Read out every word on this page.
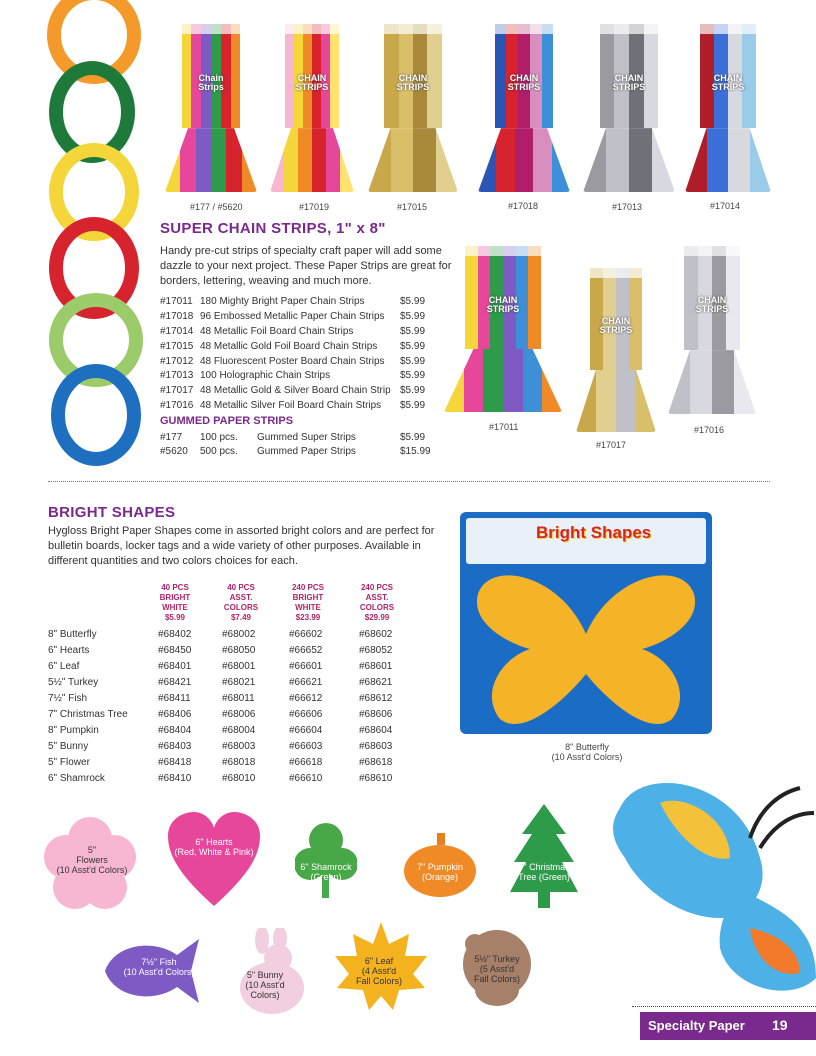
Chain
Strips
#177 / #5620
CHAIN
STRIPS
#17019
CHAIN
STRIPS
#17015
CHAIN
STRIPS
#17018
CHAIN
STRIPS
#17013
CHAIN
STRIPS
#17014
SUPER CHAIN STRIPS, 1" x 8"
Handy pre-cut strips of specialty craft paper will add some dazzle to your next project. These Paper Strips are great for borders, lettering, weaving and much more.
#17011 180 Mighty Bright Paper Chain Strips	$5.99
#17018 96 Embossed Metallic Paper Chain Strips $5.99
#17014 48 Metallic Foil Board Chain Strips	$5.99
#17015 48 Metallic Gold Foil Board Chain Strips $5.99
#17012 48 Fluorescent Poster Board Chain Strips $5.99
#17013 100 Holographic Chain Strips	$5.99
#17017 48 Metallic Gold & Silver Board Chain Strip $5.99
#17016 48 Metallic Silver Foil Board Chain Strips $5.99
GUMMED PAPER STRIPS
#177 100 pcs. Gummed Super Strips	$5.99
#5620 500 pcs. Gummed Paper Strips	$15.99
CHAIN
STRIPS
#17011
CHAIN
STRIPS
#17017
CHAIN
STRIPS
#17016
BRIGHT SHAPES
Hygloss Bright Paper Shapes come in assorted bright colors and are perfect for bulletin boards, locker tags and a wide variety of other purposes. Available in different quantities and two colors choices for each.
40 PCS
BRIGHT
WHITE
$5.99
40 PCS
ASST.
COLORS
$7.49
240 PCS
BRIGHT
WHITE
$23.99
240 PCS
ASST.
COLORS
$29.99
8ʺ Butterfly	#68402	#68002	#66602	#68602
6ʺ Hearts	#68450	#68050	#66652	#68052
6ʺ Leaf	#68401	#68001	#66601	#68601
5½ʺ Turkey	#68421	#68021	#66621	#68621
7½ʺ Fish	#68411	#68011	#66612	#68612
7ʺ Christmas Tree	#68406	#68006	#66606	#68606
8ʺ Pumpkin	#68404	#68004	#66604	#68604
5ʺ Bunny	#68403	#68003	#66603	#68603
5ʺ Flower	#68418	#68018	#66618	#68618
6ʺ Shamrock	#68410	#68010	#66610	#68610
Bright Shapes
8ʺ Butterfly
(10 Asst'd Colors)
5ʺ
Flowers
(10 Asst'd Colors)
6ʺ Hearts
(Red, White & Pink)
6ʺ Shamrock
(Green)
7ʺ Pumpkin
(Orange)
7ʺ Christmas
Tree (Green)
7½ʺ Fish
(10 Asst'd Colors)	5ʺ Bunny
(10 Asst'd
Colors)
6ʺ Leaf
(4 Asst'd
Fall Colors)
5½ʺ Turkey
(5 Asst'd
Fall Colors)
Specialty Paper 19
